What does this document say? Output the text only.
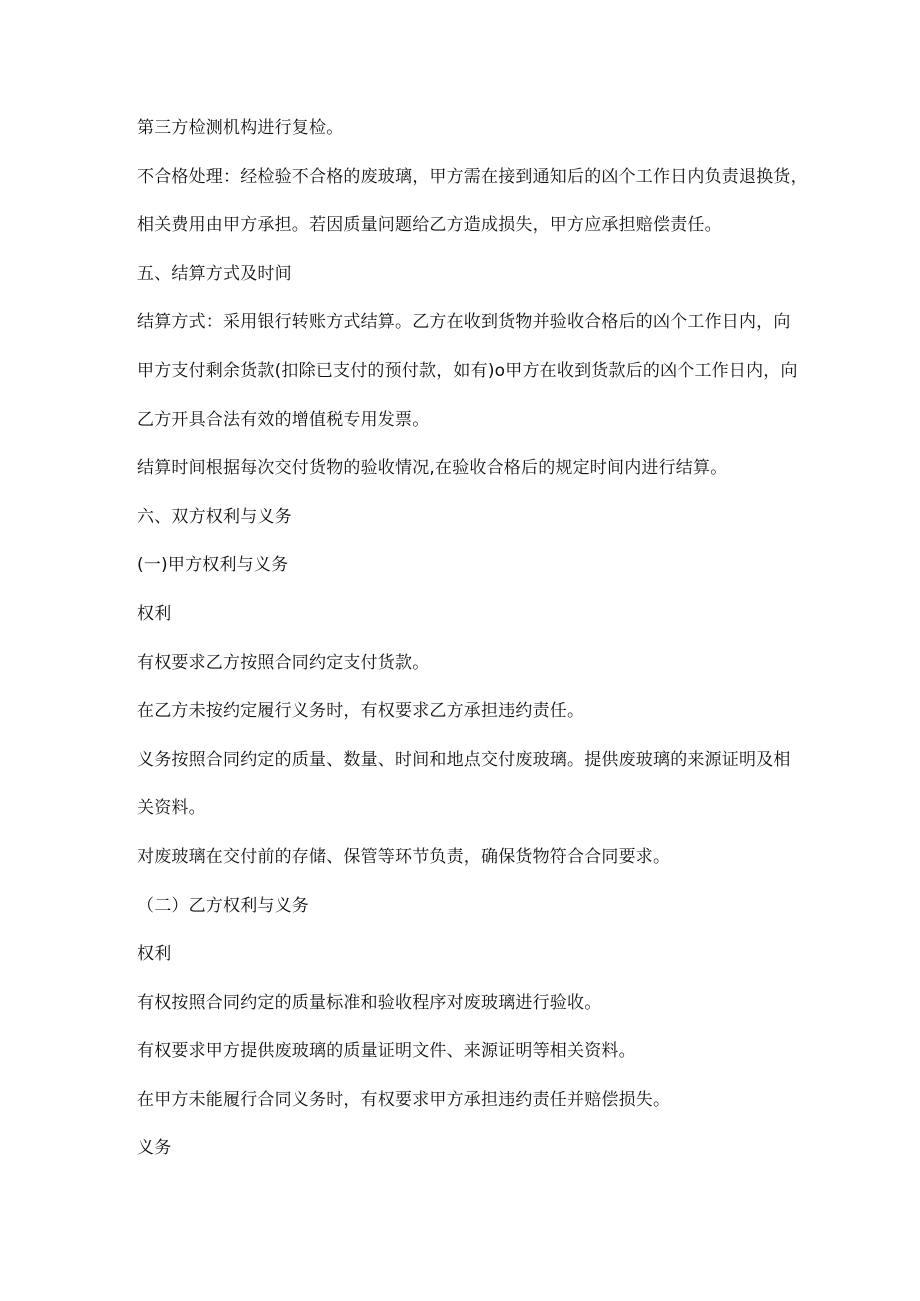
第三方检测机构进行复检。
不合格处理：经检验不合格的废玻璃，甲方需在接到通知后的凶个工作日内负责退换货，
相关费用由甲方承担。若因质量问题给乙方造成损失，甲方应承担赔偿责任。
五、结算方式及时间
结算方式：采用银行转账方式结算。乙方在收到货物并验收合格后的凶个工作日内，向
甲方支付剩余货款(扣除已支付的预付款，如有)o甲方在收到货款后的凶个工作日内，向
乙方开具合法有效的增值税专用发票。
结算时间根据每次交付货物的验收情况,在验收合格后的规定时间内进行结算。
六、双方权利与义务
(一)甲方权利与义务
权利
有权要求乙方按照合同约定支付货款。
在乙方未按约定履行义务时，有权要求乙方承担违约责任。
义务按照合同约定的质量、数量、时间和地点交付废玻璃。提供废玻璃的来源证明及相
关资料。
对废玻璃在交付前的存储、保管等环节负责，确保货物符合合同要求。
（二）乙方权利与义务
权利
有权按照合同约定的质量标准和验收程序对废玻璃进行验收。
有权要求甲方提供废玻璃的质量证明文件、来源证明等相关资料。
在甲方未能履行合同义务时，有权要求甲方承担违约责任并赔偿损失。
义务
